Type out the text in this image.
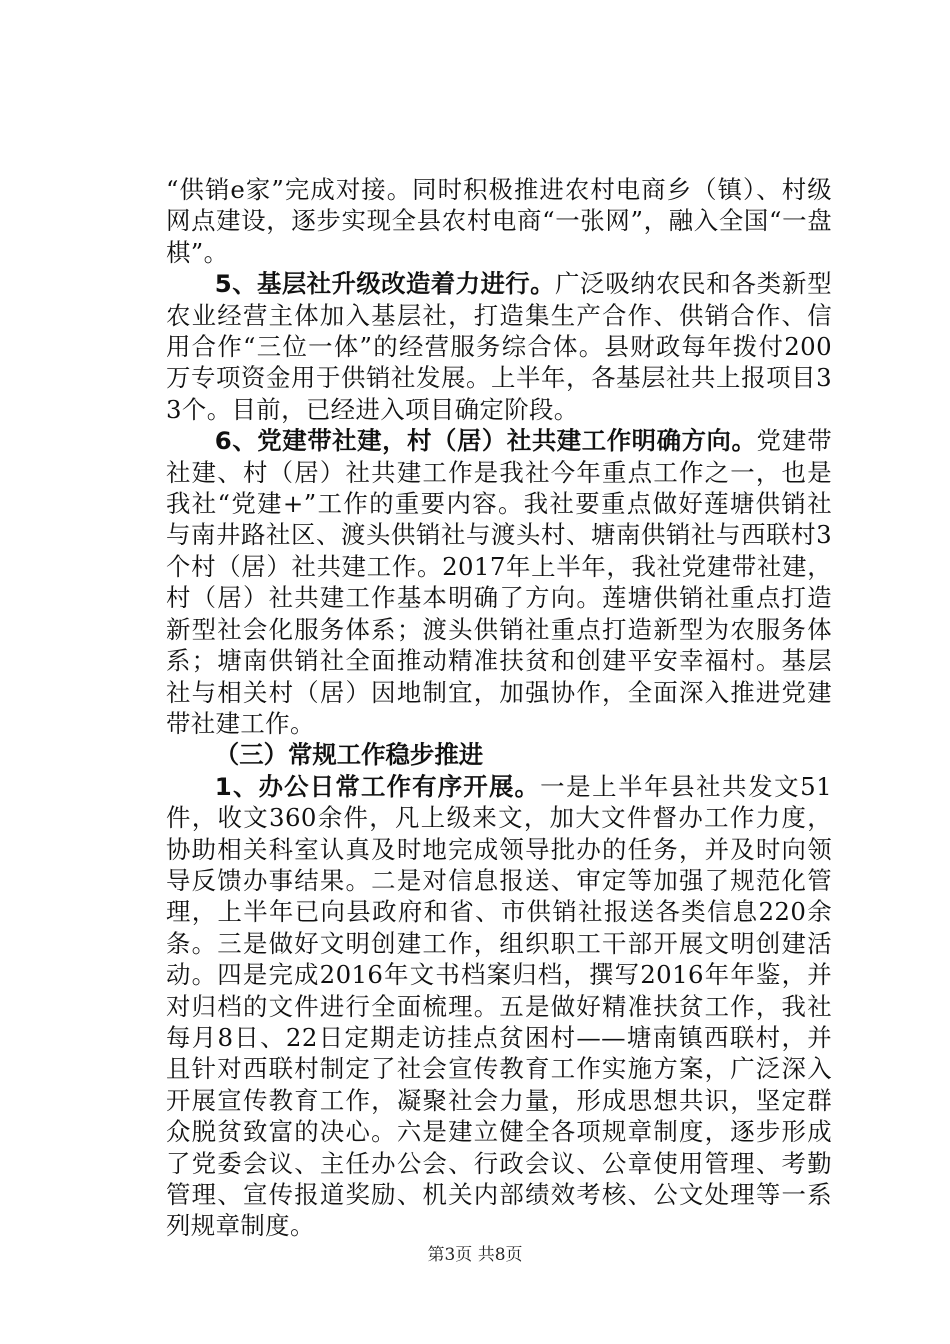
“供销e家”完成对接。同时积极推进农村电商乡（镇）、村级网点建设，逐步实现全县农村电商“一张网”，融入全国“一盘棋”。

5、基层社升级改造着力进行。广泛吸纳农民和各类新型农业经营主体加入基层社，打造集生产合作、供销合作、信用合作“三位一体”的经营服务综合体。县财政每年拨付200万专项资金用于供销社发展。上半年，各基层社共上报项目33个。目前，已经进入项目确定阶段。

6、党建带社建，村（居）社共建工作明确方向。党建带社建、村（居）社共建工作是我社今年重点工作之一，也是我社“党建+”工作的重要内容。我社要重点做好莲塘供销社与南井路社区、渡头供销社与渡头村、塘南供销社与西联村3个村（居）社共建工作。2017年上半年，我社党建带社建，村（居）社共建工作基本明确了方向。莲塘供销社重点打造新型社会化服务体系；渡头供销社重点打造新型为农服务体系；塘南供销社全面推动精准扶贫和创建平安幸福村。基层社与相关村（居）因地制宜，加强协作，全面深入推进党建带社建工作。

（三）常规工作稳步推进

1、办公日常工作有序开展。一是上半年县社共发文51件，收文360余件，凡上级来文，加大文件督办工作力度，协助相关科室认真及时地完成领导批办的任务，并及时向领导反馈办事结果。二是对信息报送、审定等加强了规范化管理，上半年已向县政府和省、市供销社报送各类信息220余条。三是做好文明创建工作，组织职工干部开展文明创建活动。四是完成2016年文书档案归档，撰写2016年年鉴，并对归档的文件进行全面梳理。五是做好精准扶贫工作，我社每月8日、22日定期走访挂点贫困村——塘南镇西联村，并且针对西联村制定了社会宣传教育工作实施方案，广泛深入开展宣传教育工作，凝聚社会力量，形成思想共识，坚定群众脱贫致富的决心。六是建立健全各项规章制度，逐步形成了党委会议、主任办公会、行政会议、公章使用管理、考勤管理、宣传报道奖励、机关内部绩效考核、公文处理等一系列规章制度。

第3页 共8页
